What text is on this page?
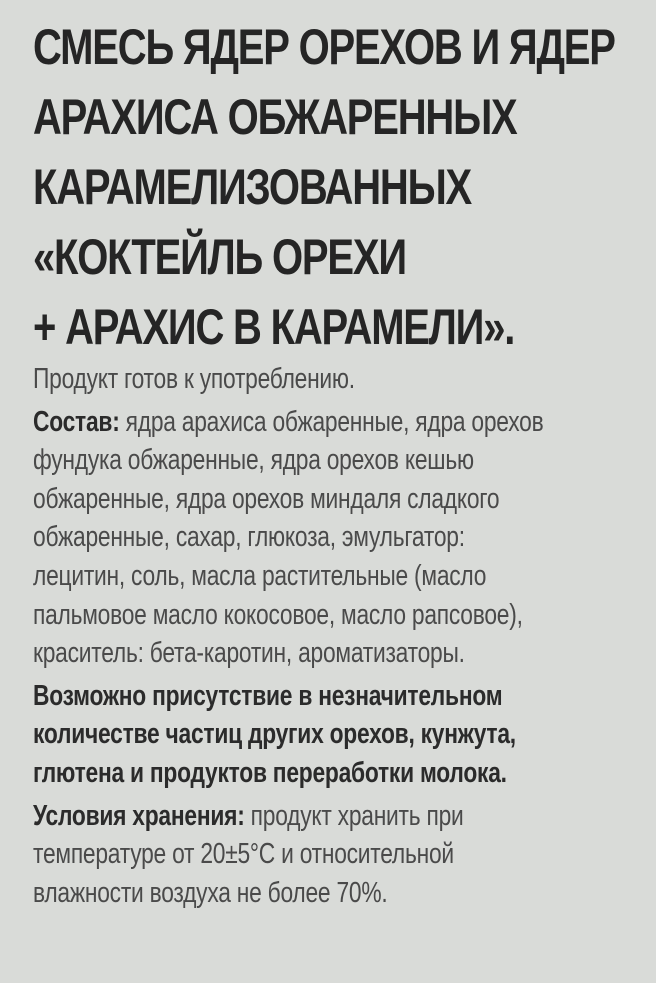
СМЕСЬ ЯДЕР ОРЕХОВ И ЯДЕР
АРАХИСА ОБЖАРЕННЫХ
КАРАМЕЛИЗОВАННЫХ
«КОКТЕЙЛЬ ОРЕХИ
+ АРАХИС В КАРАМЕЛИ».

Продукт готов к употреблению.

Состав: ядра арахиса обжаренные, ядра орехов
фундука обжаренные, ядра орехов кешью
обжаренные, ядра орехов миндаля сладкого
обжаренные, сахар, глюкоза, эмульгатор:
лецитин, соль, масла растительные (масло
пальмовое масло кокосовое, масло рапсовое),
краситель: бета-каротин, ароматизаторы.

Возможно присутствие в незначительном
количестве частиц других орехов, кунжута,
глютена и продуктов переработки молока.

Условия хранения: продукт хранить при
температуре от 20±5°С и относительной
влажности воздуха не более 70%.
